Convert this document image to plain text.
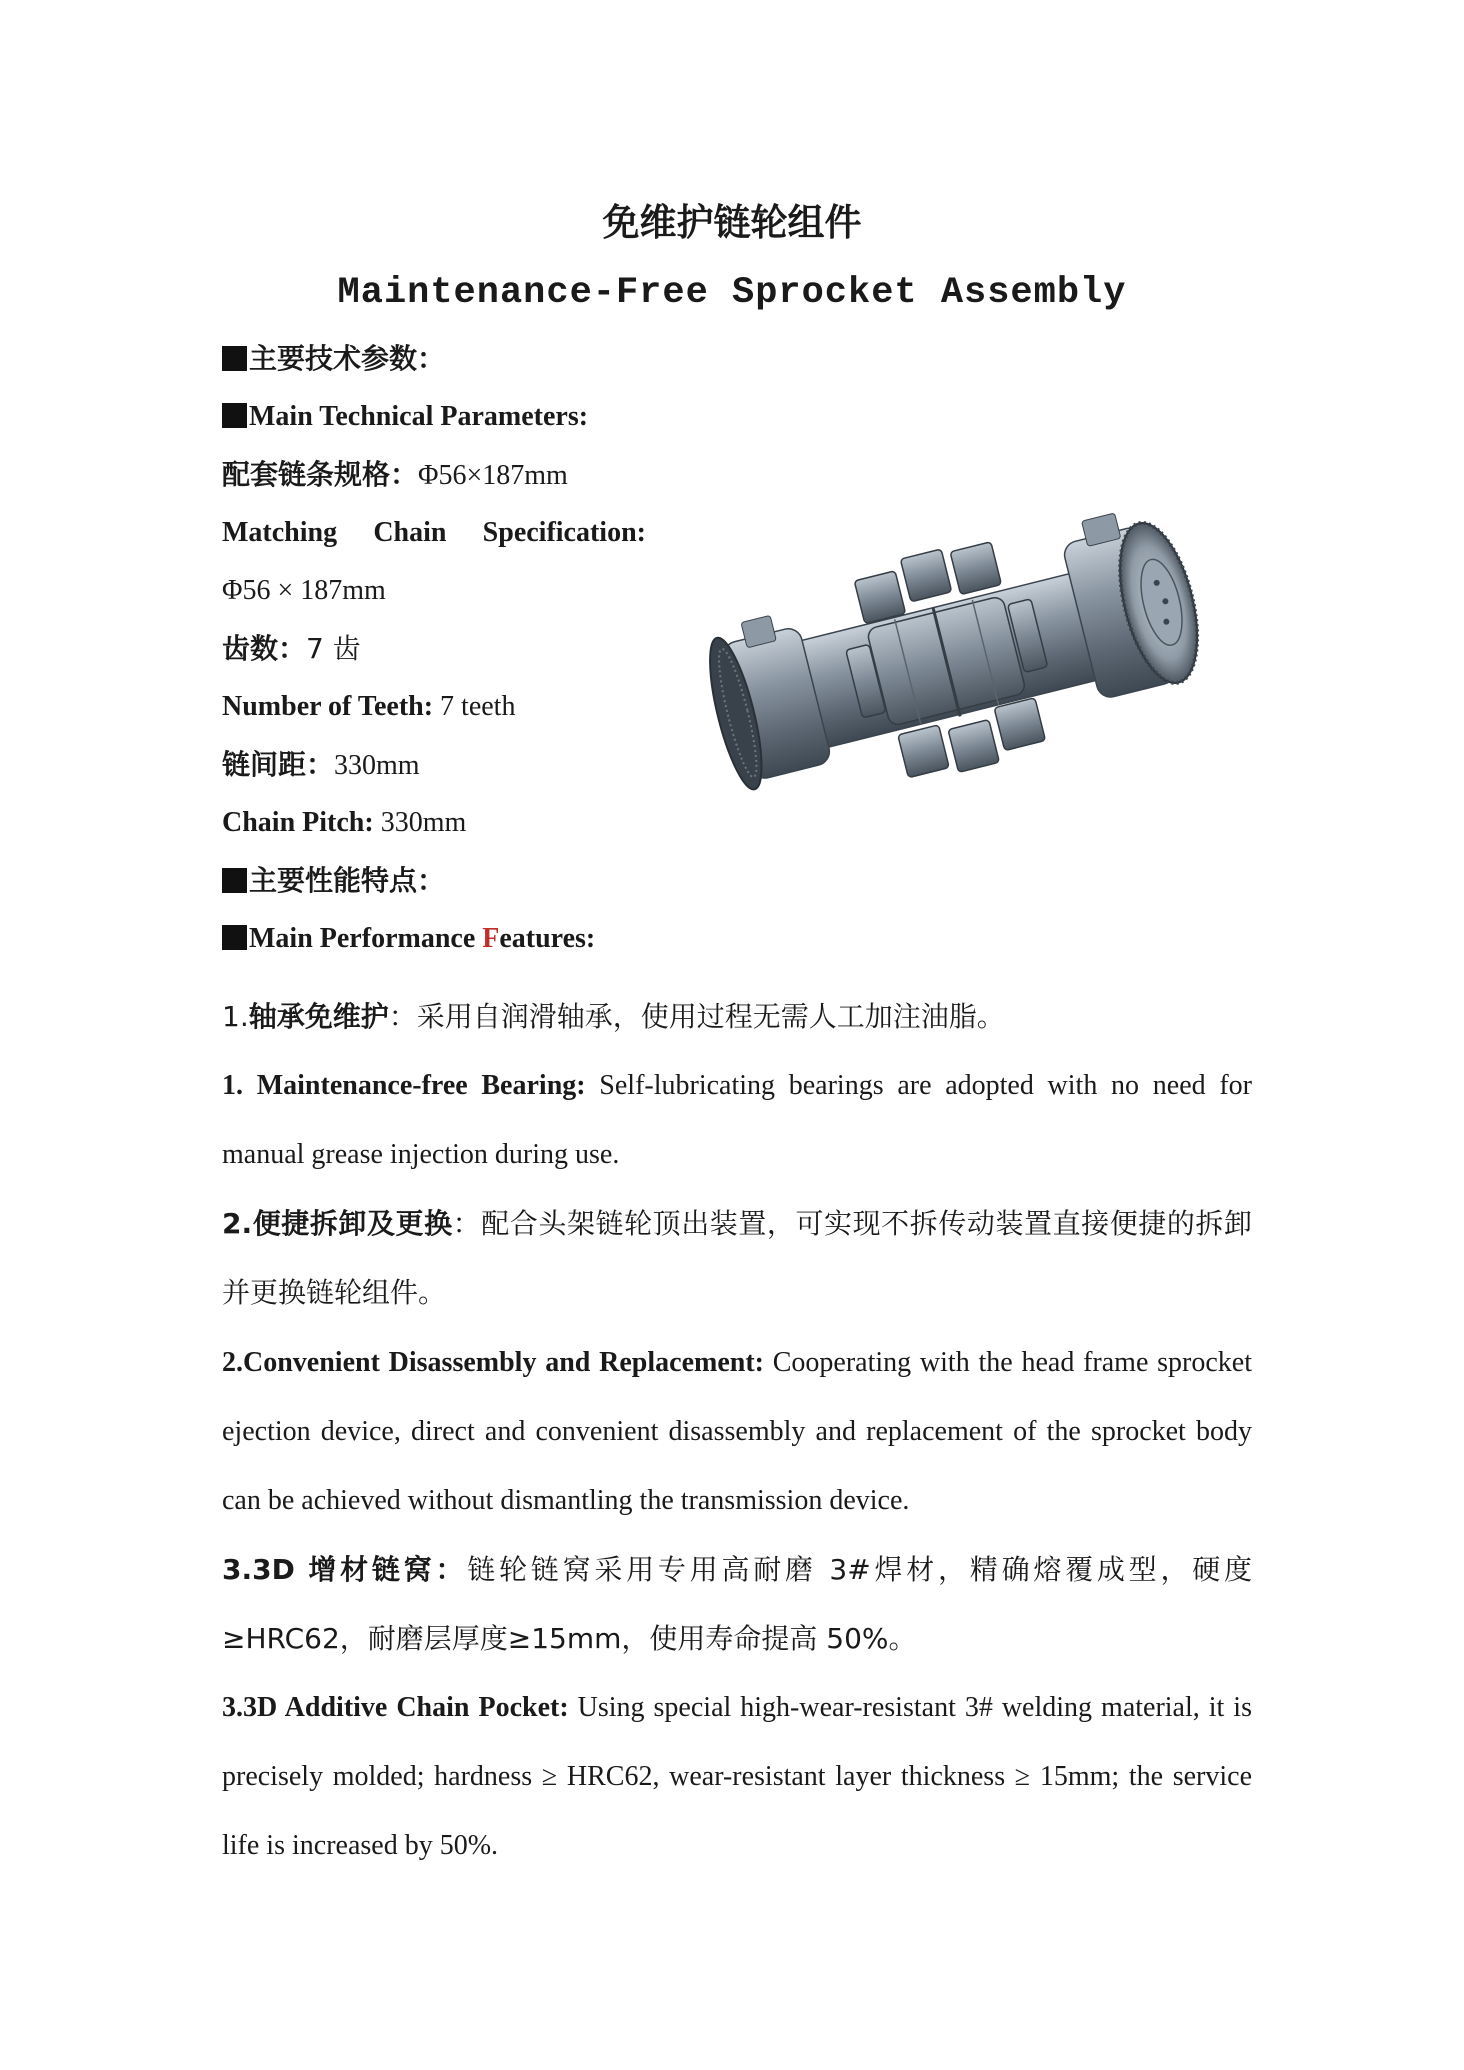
免维护链轮组件
Maintenance-Free Sprocket Assembly
主要技术参数：
Main Technical Parameters:
配套链条规格：Φ56×187mm
Matching Chain Specification:
Φ56 × 187mm
齿数：7 齿
Number of Teeth: 7 teeth
链间距：330mm
Chain Pitch: 330mm
主要性能特点：
Main Performance Features:
1.轴承免维护：采用自润滑轴承，使用过程无需人工加注油脂。
1. Maintenance-free Bearing: Self-lubricating bearings are adopted with no need for manual grease injection during use.
2.便捷拆卸及更换：配合头架链轮顶出装置，可实现不拆传动装置直接便捷的拆卸并更换链轮组件。
2.Convenient Disassembly and Replacement: Cooperating with the head frame sprocket ejection device, direct and convenient disassembly and replacement of the sprocket body can be achieved without dismantling the transmission device.
3.3D 增材链窝：链轮链窝采用专用高耐磨 3#焊材，精确熔覆成型，硬度≥HRC62，耐磨层厚度≥15mm，使用寿命提高 50%。
3.3D Additive Chain Pocket: Using special high-wear-resistant 3# welding material, it is precisely molded; hardness ≥ HRC62, wear-resistant layer thickness ≥ 15mm; the service life is increased by 50%.
